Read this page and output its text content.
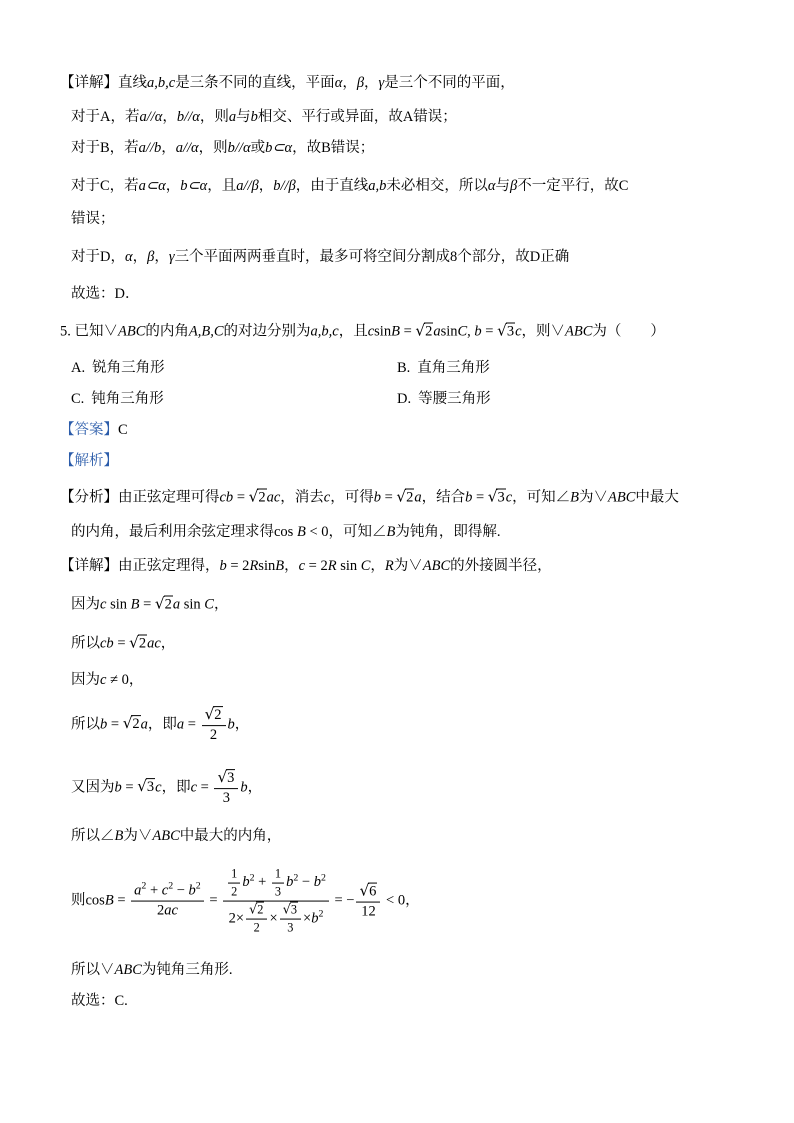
【详解】直线a,b,c是三条不同的直线，平面α，β，γ是三个不同的平面，

对于A，若a//α，b//α，则a与b相交、平行或异面，故A错误；

对于B，若a//b，a//α，则b//α或b⊂α，故B错误；

对于C，若a⊂α，b⊂α，且a//β，b//β，由于直线a,b未必相交，所以α与β不一定平行，故C

错误；

对于D，α，β，γ三个平面两两垂直时，最多可将空间分割成8个部分，故D正确

故选：D．

5. 已知∨ABC的内角A,B,C的对边分别为a,b,c，且csinB = √2asinC, b = √3c，则∨ABC为（　　）

A. 锐角三角形	B. 直角三角形
C. 钝角三角形	D. 等腰三角形

【答案】C

【解析】

【分析】由正弦定理可得cb = √2ac，消去c，可得b = √2a，结合b = √3c，可知∠B为∨ABC中最大

的内角，最后利用余弦定理求得cos B < 0，可知∠B为钝角，即得解.

【详解】由正弦定理得，b = 2RsinB，c = 2R sin C，R为∨ABC的外接圆半径，

因为c sin B = √2a sin C，

所以cb = √2ac，

因为c ≠ 0，

所以b = √2a，即$a = \frac{√2}{2}$ b，

又因为b = √3c，即$c = \frac{√3}{3}$ b，

所以∠B为∨ABC中最大的内角，

则$\cos B = \frac{a^2 + c^2 - b^2}{2ac} = \frac{\frac{1}{2} b^2 + \frac{1}{3} b^2 - b^2}{2\times \frac{√2}{2} \times \frac{√3}{3} \times b^2}$ = − $\frac{√6}{12} < 0$，

所以∨ABC为钝角三角形.

故选：C.
